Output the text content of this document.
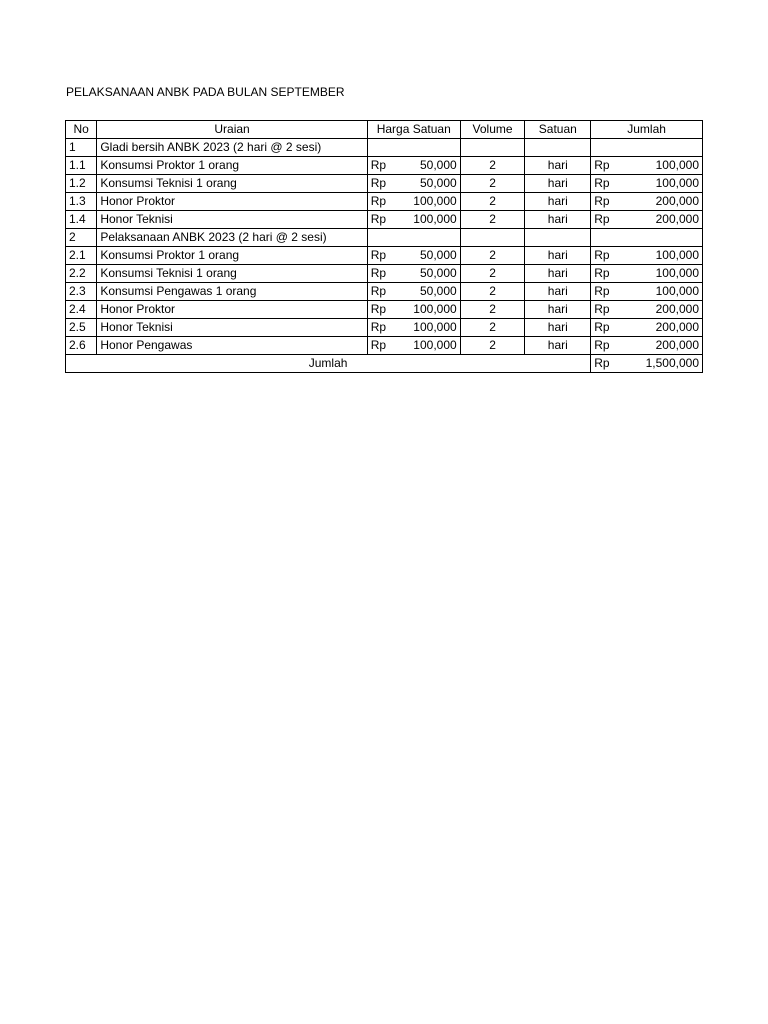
PELAKSANAAN ANBK PADA BULAN SEPTEMBER
No	Uraian	Harga Satuan		Volume	Satuan	Jumlah	
1	Gladi bersih ANBK 2023 (2 hari @ 2 sesi)						
1.1	Konsumsi Proktor 1 orang	Rp	50,000	2	hari	Rp	100,000
1.2	Konsumsi Teknisi 1 orang	Rp	50,000	2	hari	Rp	100,000
1.3	Honor Proktor	Rp	100,000	2	hari	Rp	200,000
1.4	Honor Teknisi	Rp	100,000	2	hari	Rp	200,000
2	Pelaksanaan ANBK 2023 (2 hari @ 2 sesi)						
2.1	Konsumsi Proktor 1 orang	Rp	50,000	2	hari	Rp	100,000
2.2	Konsumsi Teknisi 1 orang	Rp	50,000	2	hari	Rp	100,000
2.3	Konsumsi Pengawas 1 orang	Rp	50,000	2	hari	Rp	100,000
2.4	Honor Proktor	Rp	100,000	2	hari	Rp	200,000
2.5	Honor Teknisi	Rp	100,000	2	hari	Rp	200,000
2.6	Honor Pengawas	Rp	100,000	2	hari	Rp	200,000
Jumlah						Rp	1,500,000
